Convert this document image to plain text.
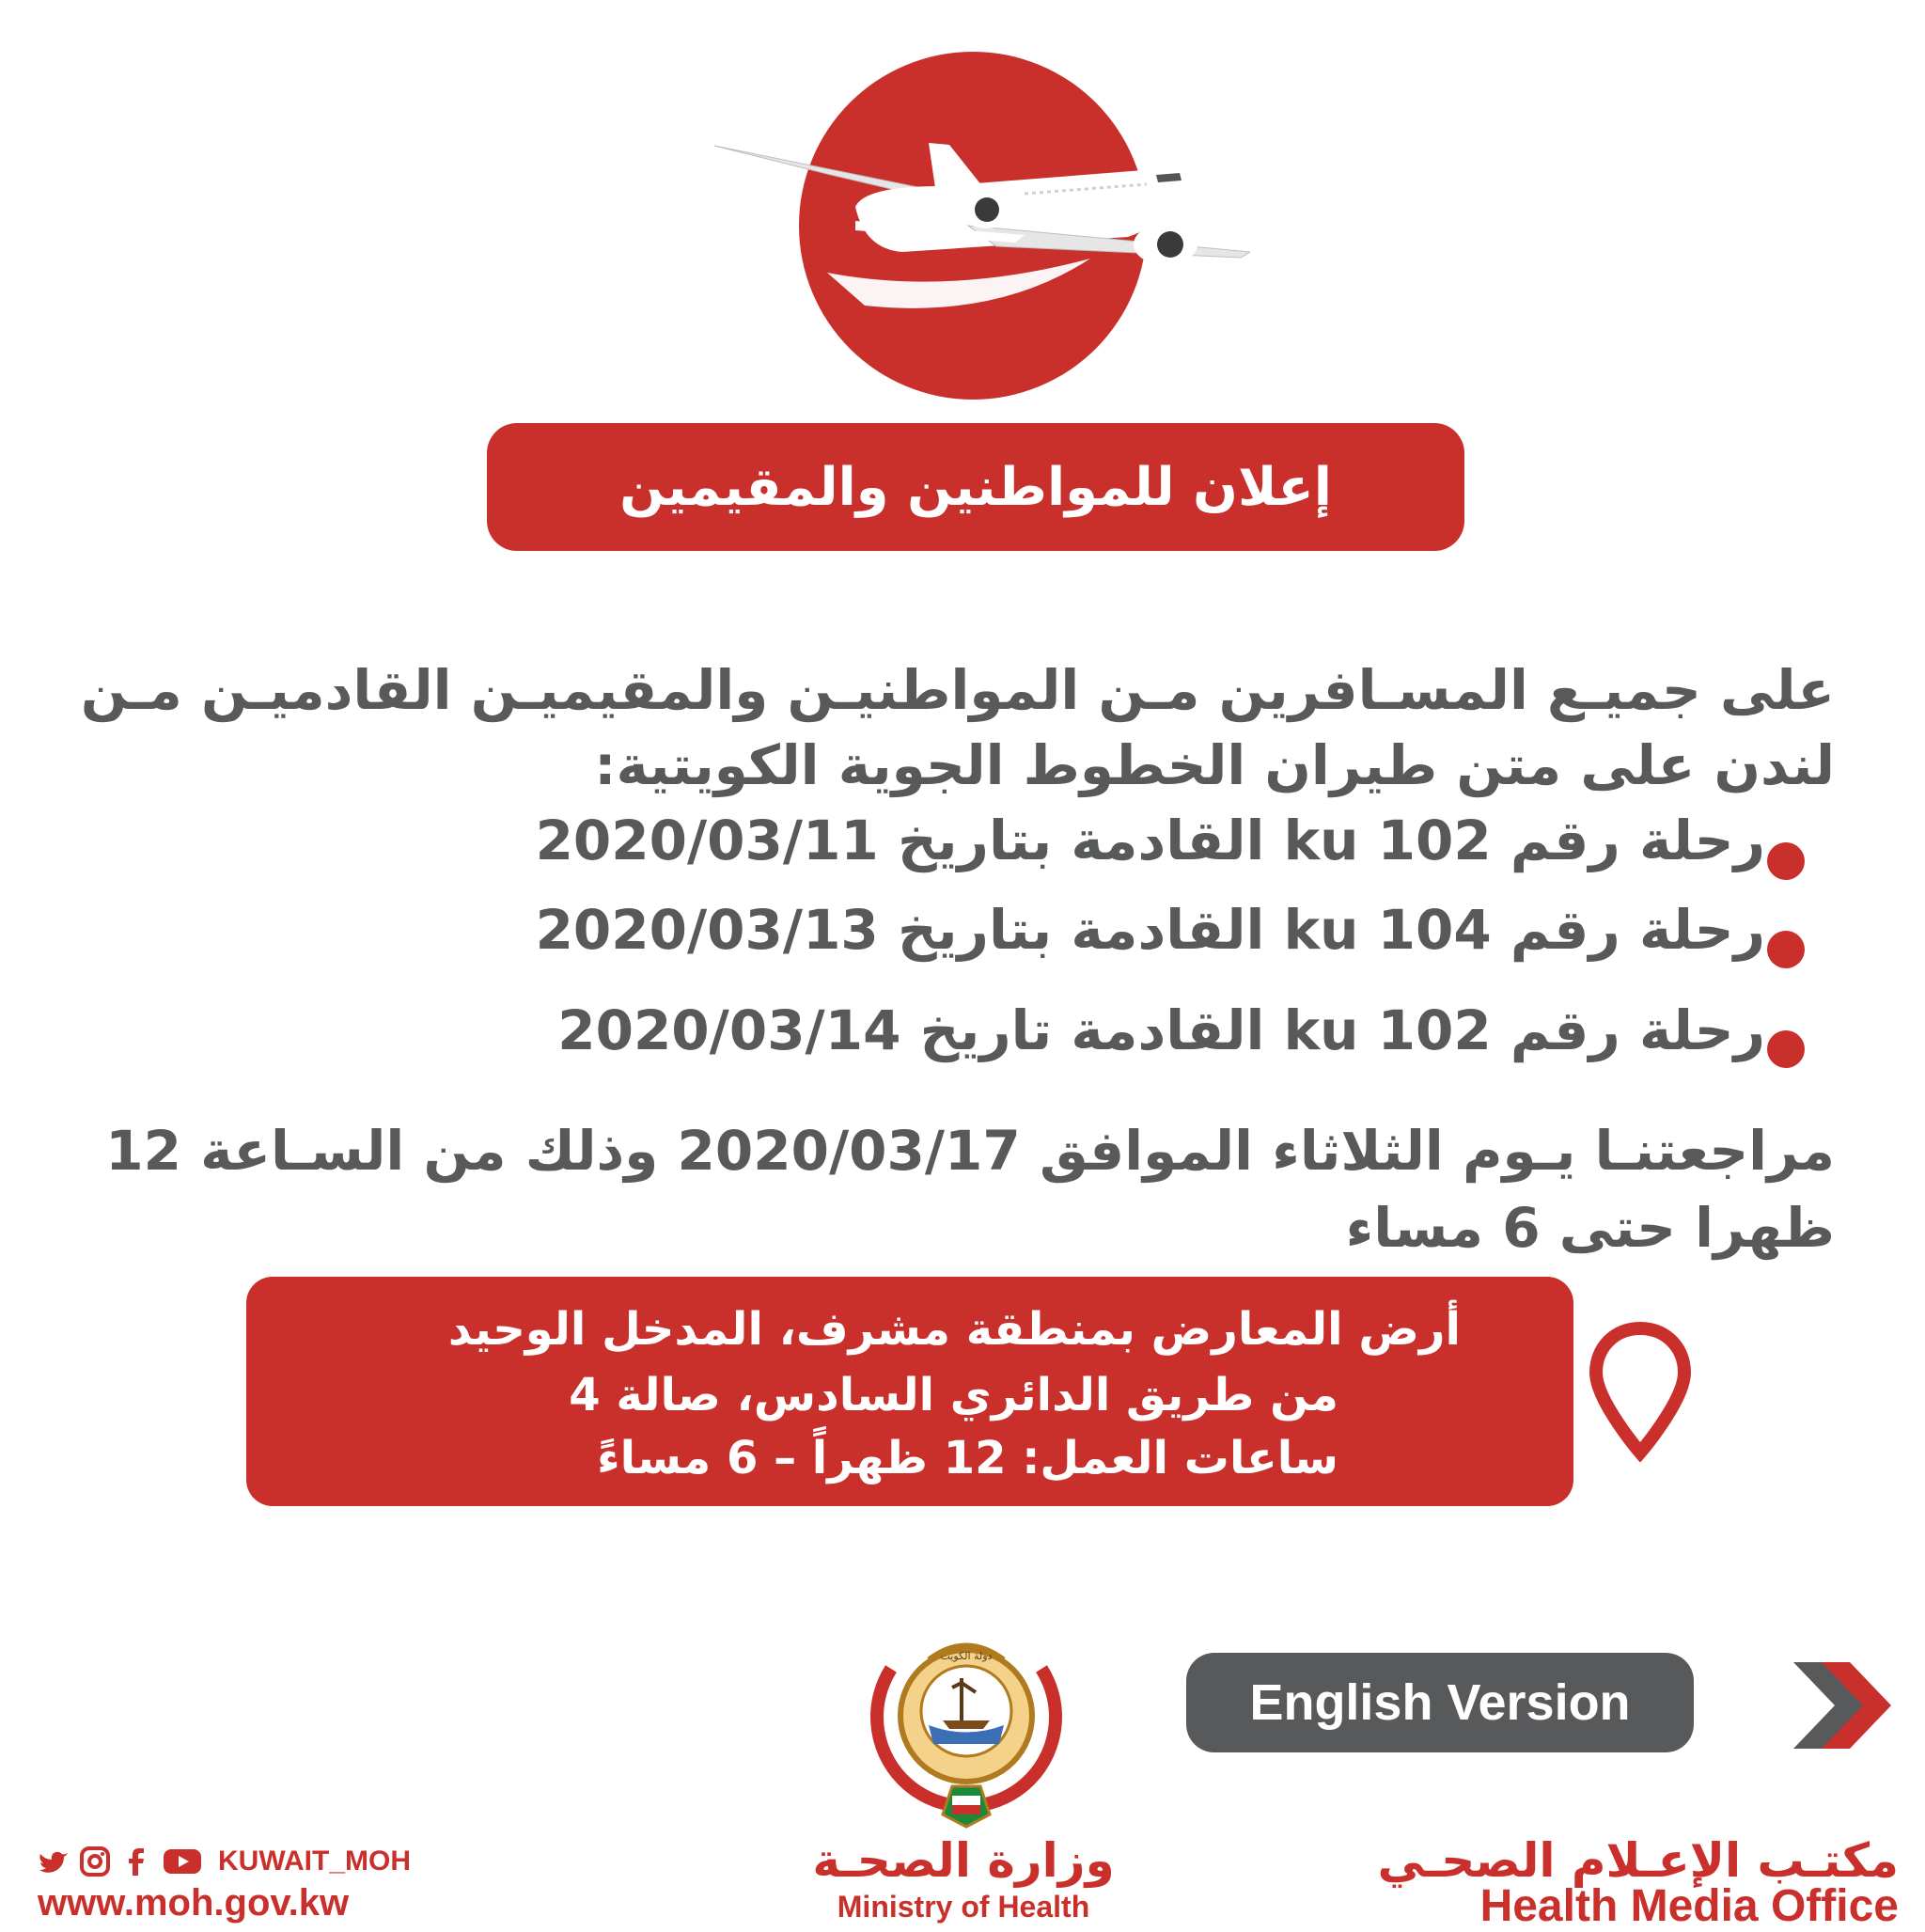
إعلان للمواطنين والمقيمين
على جميـع المسـافرين مـن المواطنيـن والمقيميـن القادميـن مـن
لندن على متن طيران الخطوط الجوية الكويتية:
رحلة رقم ku 102 القادمة بتاريخ 2020/03/11
رحلة رقم ku 104 القادمة بتاريخ 2020/03/13
رحلة رقم ku 102 القادمة تاريخ 2020/03/14
مراجعتنـا يـوم الثلاثاء الموافق 2020/03/17 وذلك من السـاعة 12
ظهرا حتى 6 مساء
أرض المعارض بمنطقة مشرف، المدخل الوحيد
من طريق الدائري السادس، صالة 4
ساعات العمل: 12 ظهراً – 6 مساءً
English Version
دولة الكويت
وزارة الصحـة
Ministry of Health
مكتـب الإعـلام الصحـي
Health Media Office
KUWAIT_MOH
www.moh.gov.kw
